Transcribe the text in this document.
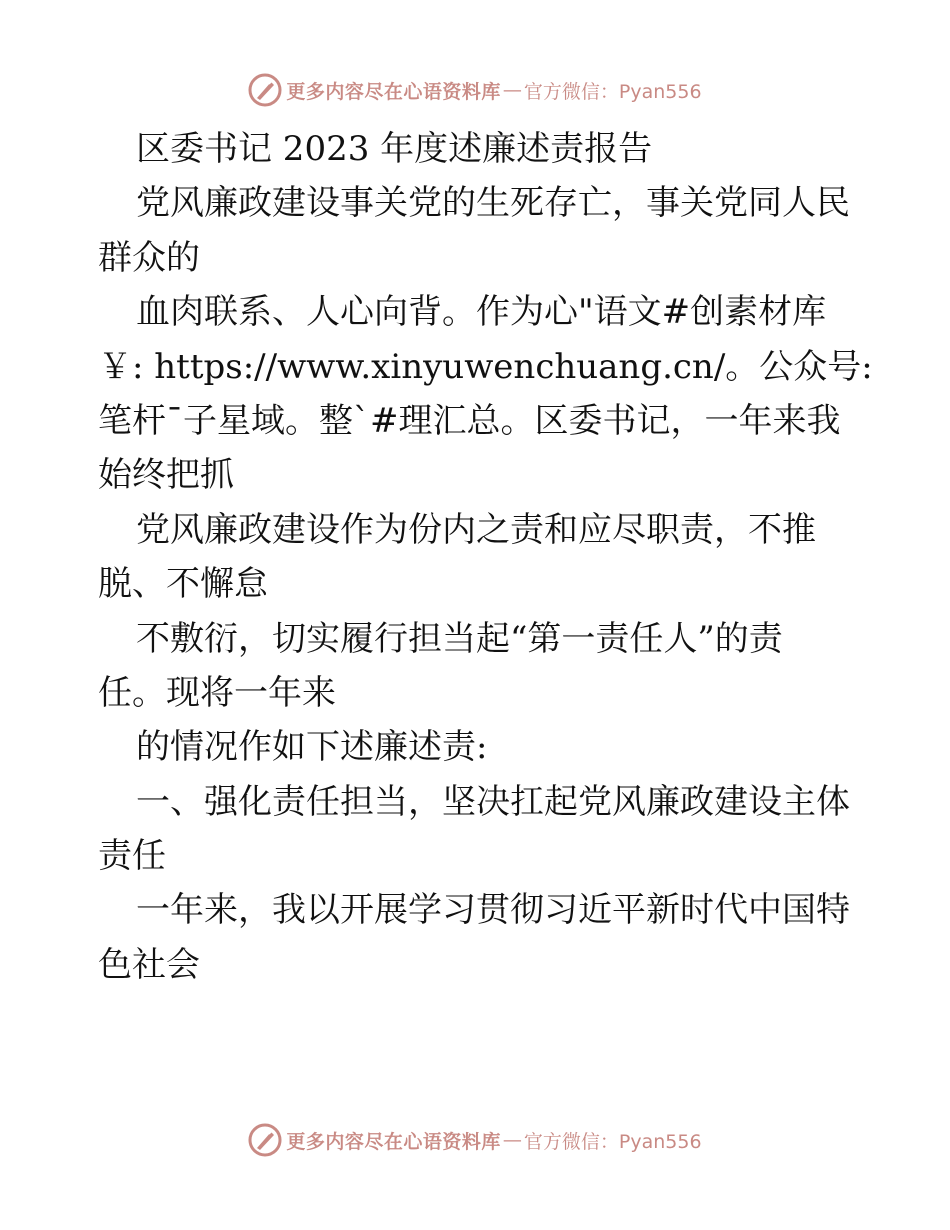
更多内容尽在心语资料库 — 官方微信：Pyan556
区委书记 2023 年度述廉述责报告
党风廉政建设事关党的生死存亡，事关党同人民
群众的
血肉联系、人心向背。作为心"语文#创素材库
￥: https://www.xinyuwenchuang.cn/。公众号:
笔杆¯子星域。整`#理汇总。区委书记，一年来我
始终把抓
党风廉政建设作为份内之责和应尽职责，不推
脱、不懈怠
不敷衍，切实履行担当起“第一责任人”的责
任。现将一年来
的情况作如下述廉述责:
一、强化责任担当，坚决扛起党风廉政建设主体
责任
一年来，我以开展学习贯彻习近平新时代中国特
色社会
更多内容尽在心语资料库 — 官方微信：Pyan556
